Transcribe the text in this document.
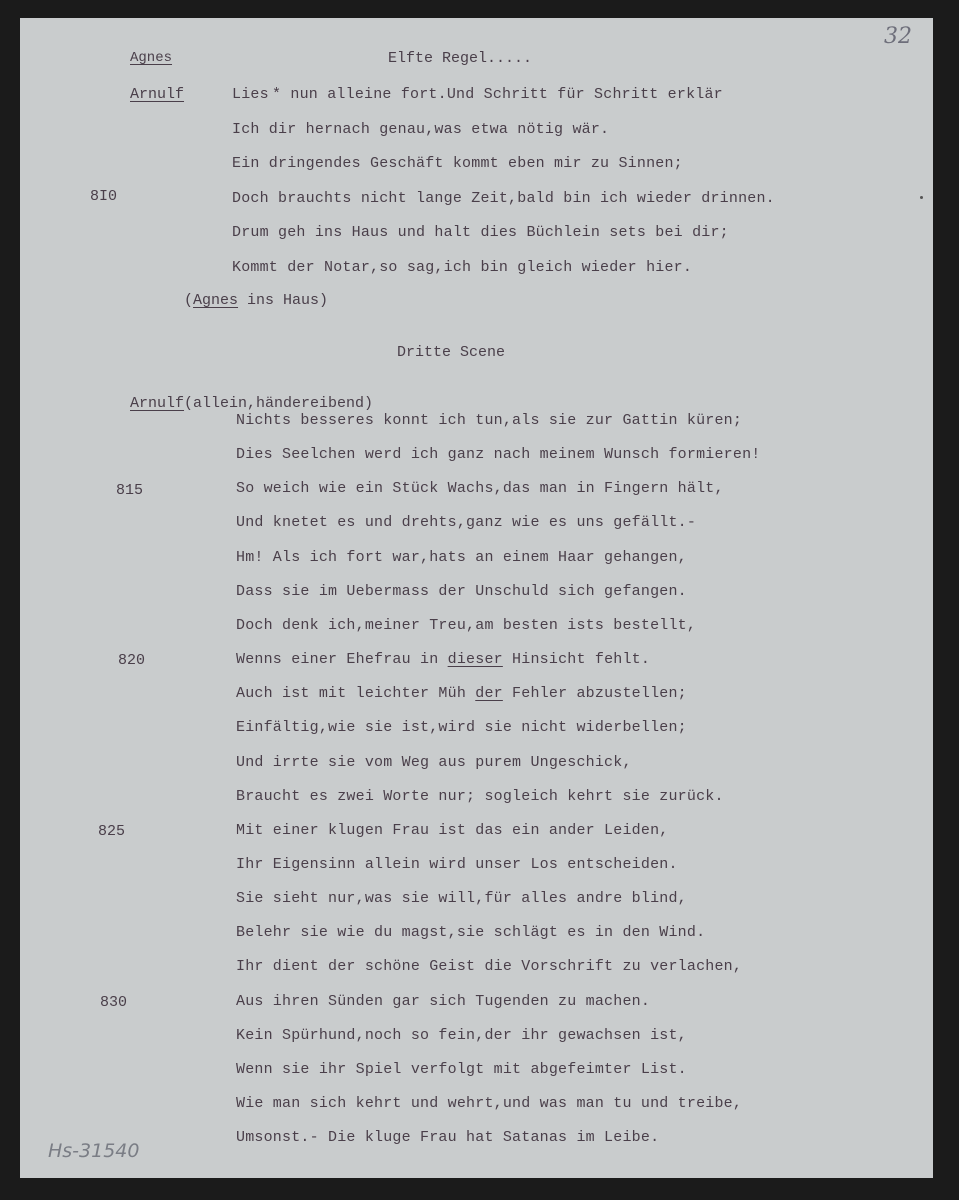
32
Agnes	Elfte Regel.....
Arnulf	Lies * nun alleine fort.Und Schritt für Schritt erklär
Ich dir hernach genau,was etwa nötig wär.
Ein dringendes Geschäft kommt eben mir zu Sinnen;
Doch brauchts nicht lange Zeit,bald bin ich wieder drinnen.
Drum geh ins Haus und halt dies Büchlein sets bei dir;
Kommt der Notar,so sag,ich bin gleich wieder hier.
(Agnes ins Haus)
Dritte Scene
Arnulf(allein,händereibend)
Nichts besseres konnt ich tun,als sie zur Gattin küren;
Dies Seelchen werd ich ganz nach meinem Wunsch formieren!
So weich wie ein Stück Wachs,das man in Fingern hält,
Und knetet es und drehts,ganz wie es uns gefällt.-
Hm! Als ich fort war,hats an einem Haar gehangen,
Dass sie im Uebermass der Unschuld sich gefangen.
Doch denk ich,meiner Treu,am besten ists bestellt,
Wenns einer Ehefrau in dieser Hinsicht fehlt.
Auch ist mit leichter Müh der Fehler abzustellen;
Einfältig,wie sie ist,wird sie nicht widerbellen;
Und irrte sie vom Weg aus purem Ungeschick,
Braucht es zwei Worte nur; sogleich kehrt sie zurück.
Mit einer klugen Frau ist das ein ander Leiden,
Ihr Eigensinn allein wird unser Los entscheiden.
Sie sieht nur,was sie will,für alles andre blind,
Belehr sie wie du magst,sie schlägt es in den Wind.
Ihr dient der schöne Geist die Vorschrift zu verlachen,
Aus ihren Sünden gar sich Tugenden zu machen.
Kein Spürhund,noch so fein,der ihr gewachsen ist,
Wenn sie ihr Spiel verfolgt mit abgefeimter List.
Wie man sich kehrt und wehrt,und was man tu und treibe,
Umsonst.- Die kluge Frau hat Satanas im Leibe.
8I0
815
820
825
830
Hs-31540
